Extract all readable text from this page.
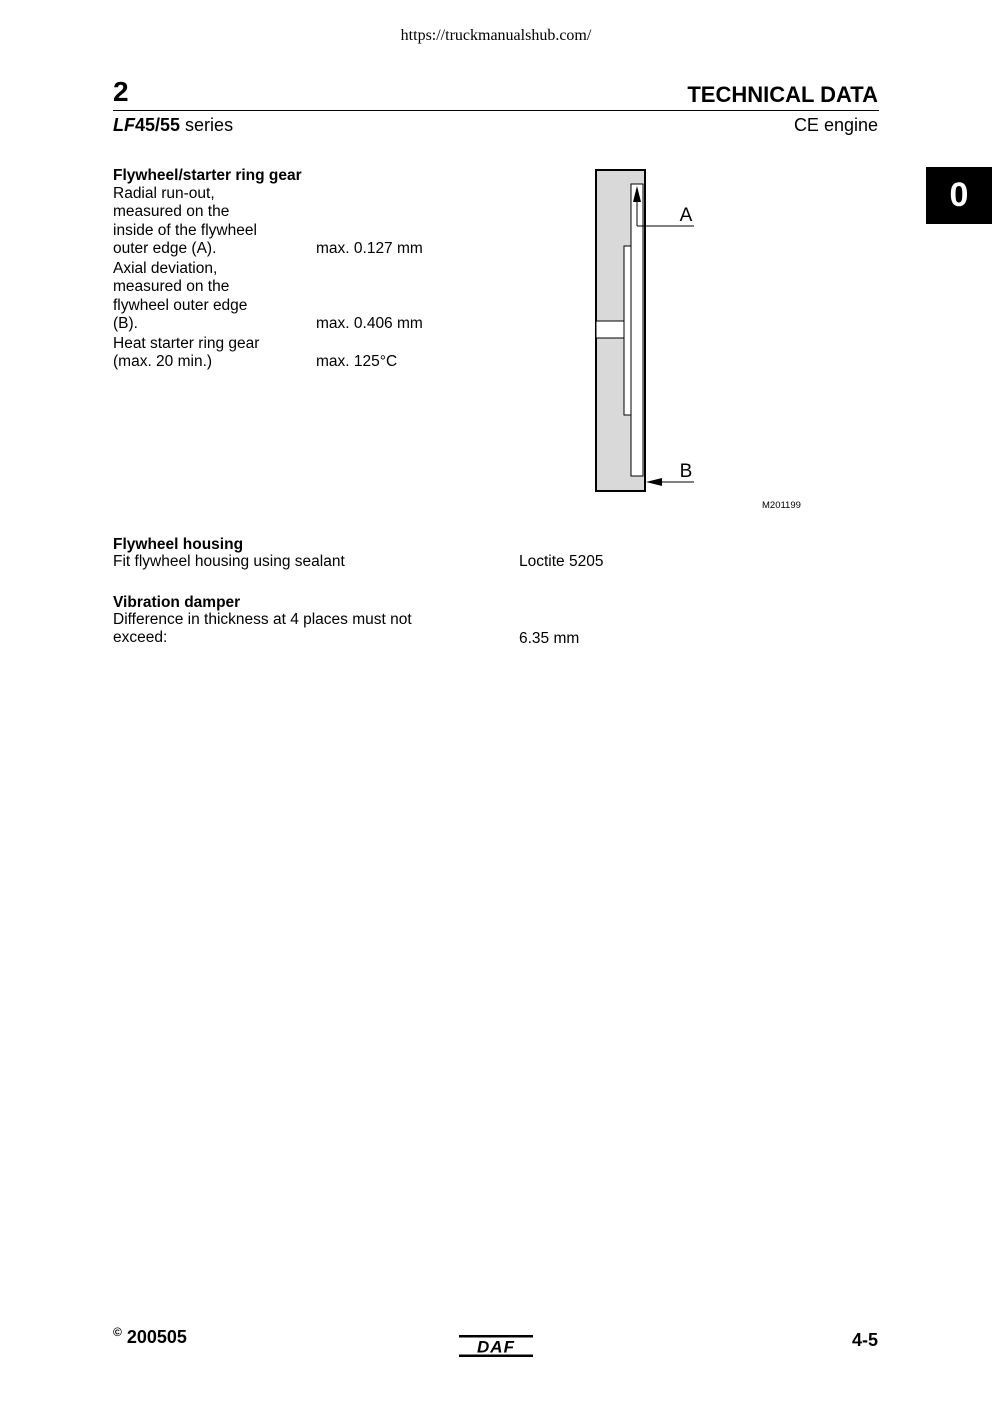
https://truckmanualshub.com/
2	TECHNICAL DATA
LF45/55 series	CE engine
0
Flywheel/starter ring gear
Radial run-out,
measured on the
inside of the flywheel
outer edge (A).	max. 0.127 mm
Axial deviation,
measured on the
flywheel outer edge
(B).	max. 0.406 mm
Heat starter ring gear
(max. 20 min.)	max. 125°C
A
B
M201199
Flywheel housing
Fit flywheel housing using sealant	Loctite 5205
Vibration damper
Difference in thickness at 4 places must not
exceed:	6.35 mm
© 200505	DAF	4-5
